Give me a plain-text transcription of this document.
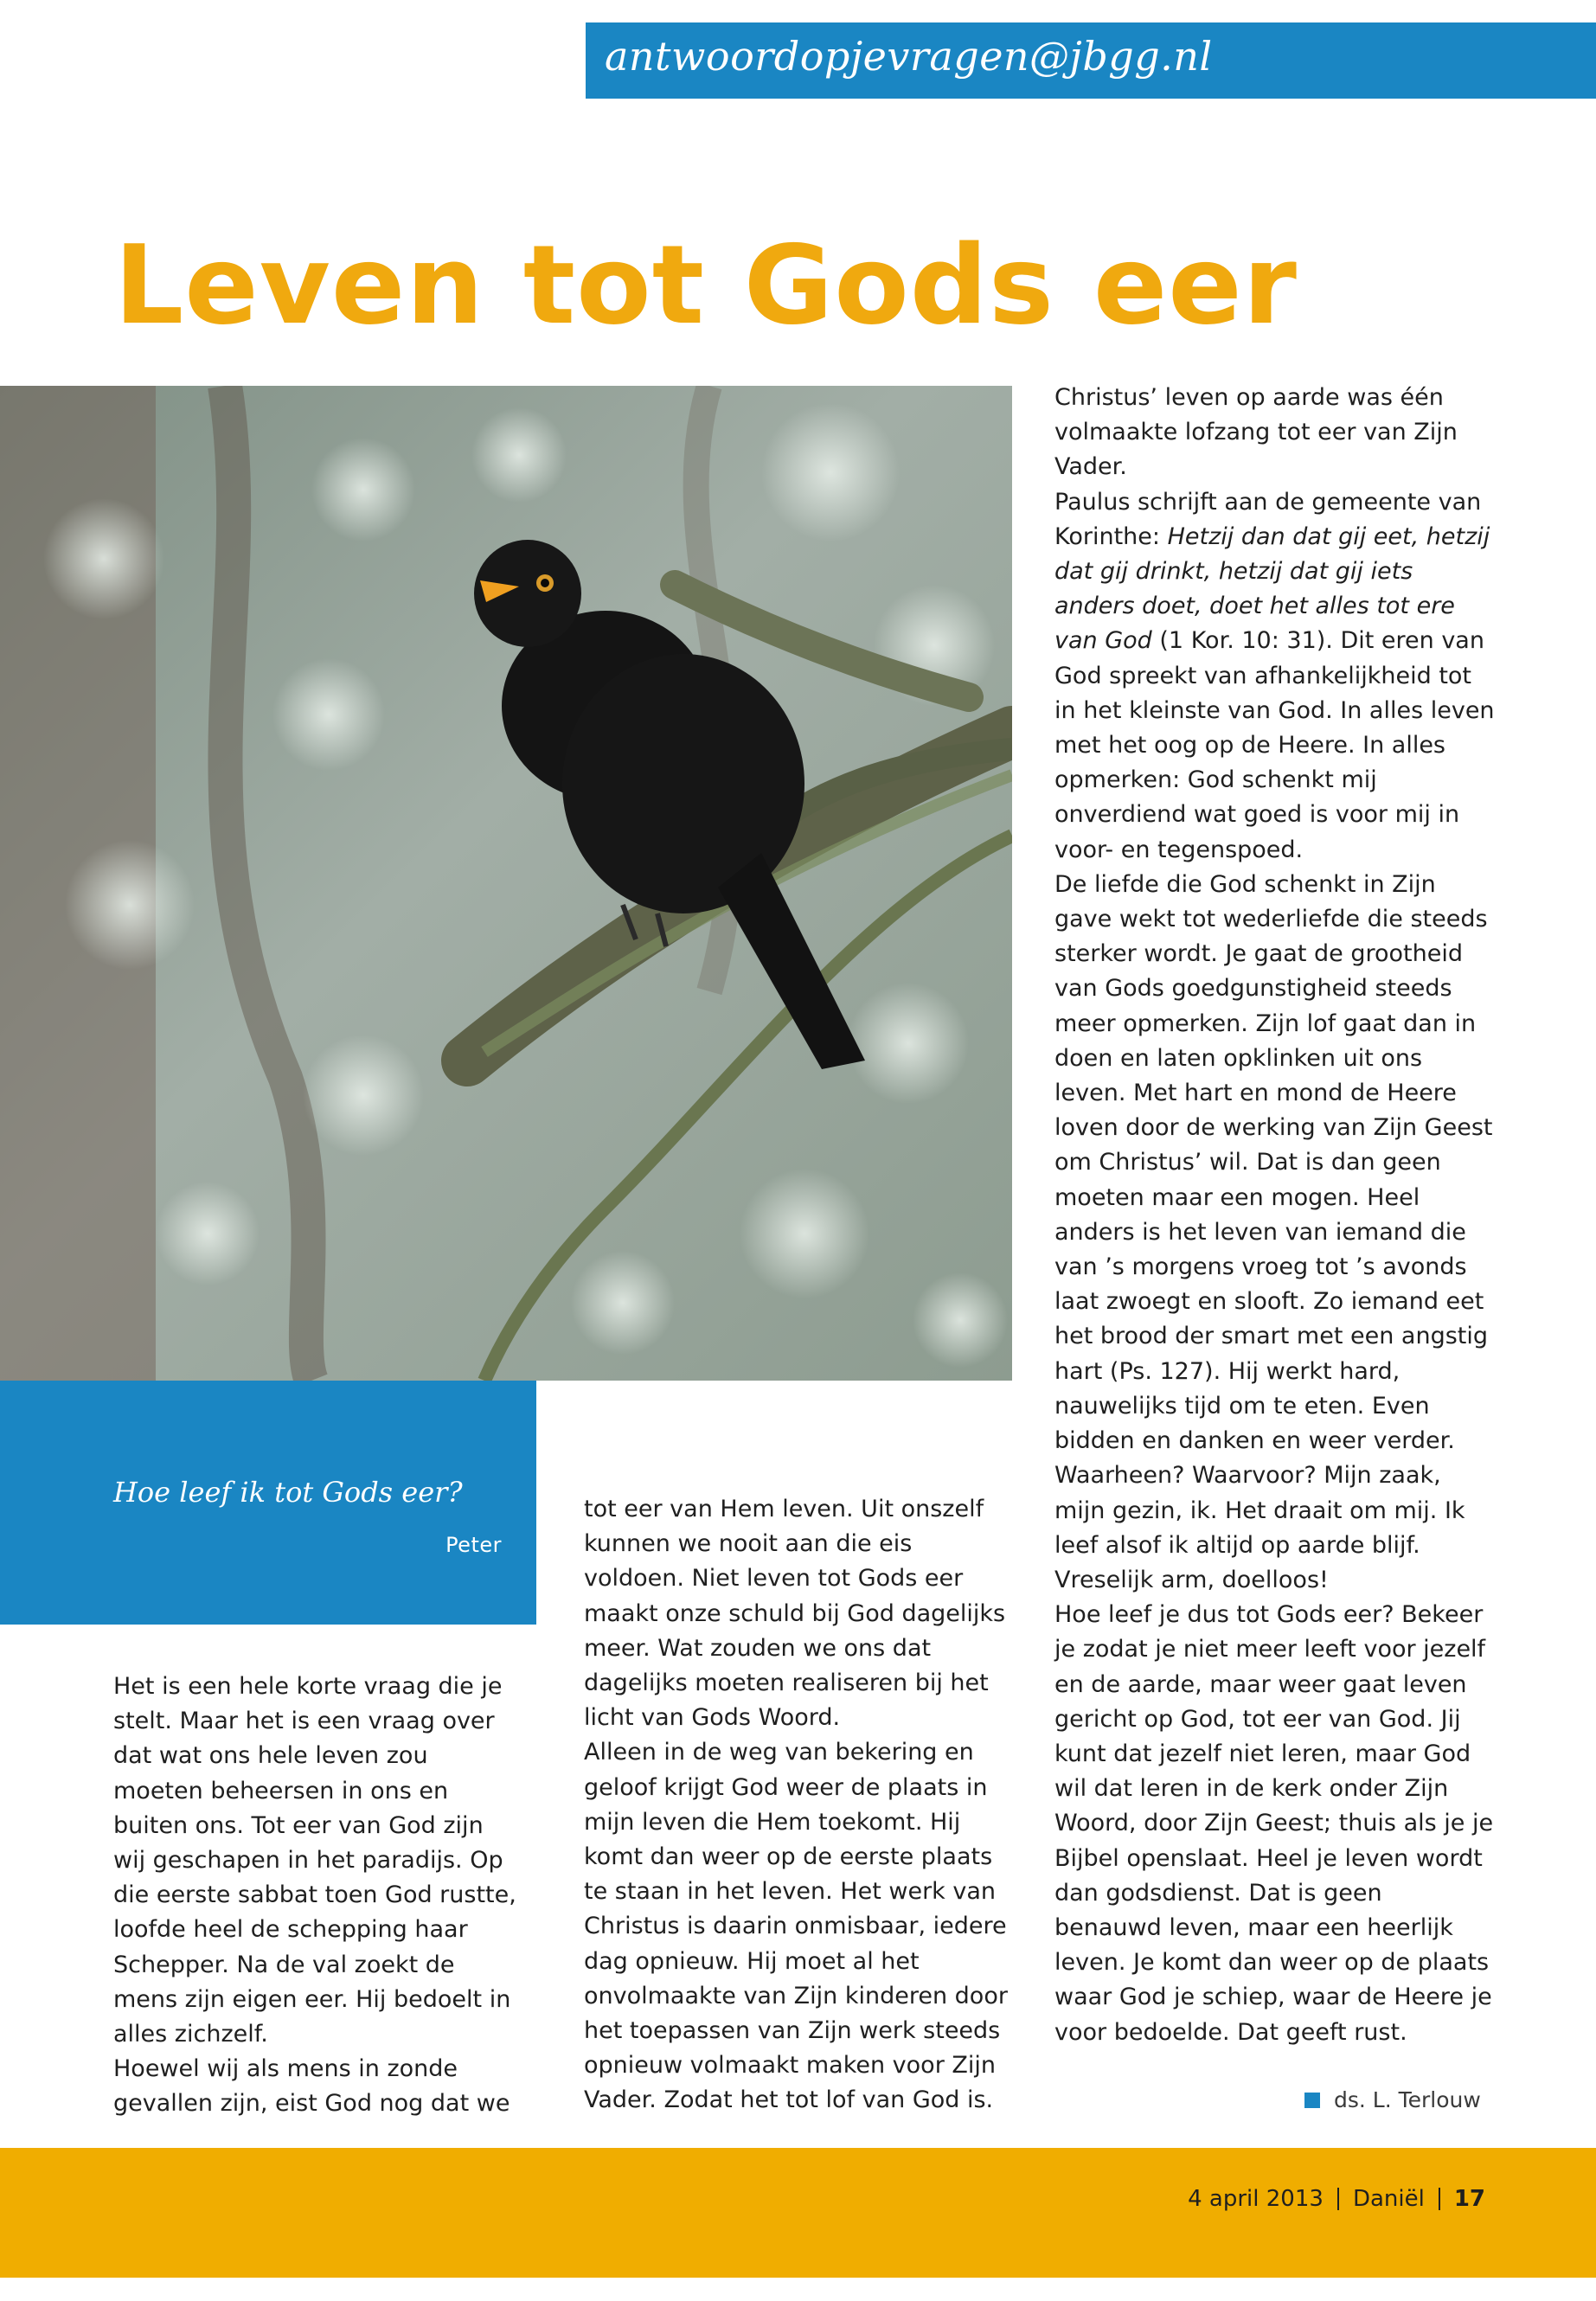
antwoordopjevragen@jbgg.nl
Leven tot Gods eer
Hoe leef ik tot Gods eer?
Peter

Het is een hele korte vraag die je stelt. Maar het is een vraag over dat wat ons hele leven zou moeten beheersen in ons en buiten ons. Tot eer van God zijn wij geschapen in het paradijs. Op die eerste sabbat toen God rustte, loofde heel de schepping haar Schepper. Na de val zoekt de mens zijn eigen eer. Hij bedoelt in alles zichzelf.

Hoewel wij als mens in zonde gevallen zijn, eist God nog dat we

tot eer van Hem leven. Uit onszelf kunnen we nooit aan die eis voldoen. Niet leven tot Gods eer maakt onze schuld bij God dagelijks meer. Wat zouden we ons dat dagelijks moeten realiseren bij het licht van Gods Woord.

Alleen in de weg van bekering en geloof krijgt God weer de plaats in mijn leven die Hem toekomt. Hij komt dan weer op de eerste plaats te staan in het leven. Het werk van Christus is daarin onmisbaar, iedere dag opnieuw. Hij moet al het onvolmaakte van Zijn kinderen door het toepassen van Zijn werk steeds opnieuw volmaakt maken voor Zijn Vader. Zodat het tot lof van God is.

Christus’ leven op aarde was één volmaakte lofzang tot eer van Zijn Vader.

Paulus schrijft aan de gemeente van Korinthe: Hetzij dan dat gij eet, hetzij dat gij drinkt, hetzij dat gij iets anders doet, doet het alles tot ere van God (1 Kor. 10: 31). Dit eren van God spreekt van afhankelijkheid tot in het kleinste van God. In alles leven met het oog op de Heere. In alles opmerken: God schenkt mij onverdiend wat goed is voor mij in voor- en tegenspoed.

De liefde die God schenkt in Zijn gave wekt tot wederliefde die steeds sterker wordt. Je gaat de grootheid van Gods goedgunstigheid steeds meer opmerken. Zijn lof gaat dan in doen en laten opklinken uit ons leven. Met hart en mond de Heere loven door de werking van Zijn Geest om Christus’ wil. Dat is dan geen moeten maar een mogen. Heel anders is het leven van iemand die van ’s morgens vroeg tot ’s avonds laat zwoegt en slooft. Zo iemand eet het brood der smart met een angstig hart (Ps. 127). Hij werkt hard, nauwelijks tijd om te eten. Even bidden en danken en weer verder. Waarheen? Waarvoor? Mijn zaak, mijn gezin, ik. Het draait om mij. Ik leef alsof ik altijd op aarde blijf. Vreselijk arm, doelloos!

Hoe leef je dus tot Gods eer? Bekeer je zodat je niet meer leeft voor jezelf en de aarde, maar weer gaat leven gericht op God, tot eer van God. Jij kunt dat jezelf niet leren, maar God wil dat leren in de kerk onder Zijn Woord, door Zijn Geest; thuis als je je Bijbel openslaat. Heel je leven wordt dan godsdienst. Dat is geen benauwd leven, maar een heerlijk leven. Je komt dan weer op de plaats waar God je schiep, waar de Heere je voor bedoelde. Dat geeft rust.

ds. L. Terlouw
4 april 2013 Daniël 17
